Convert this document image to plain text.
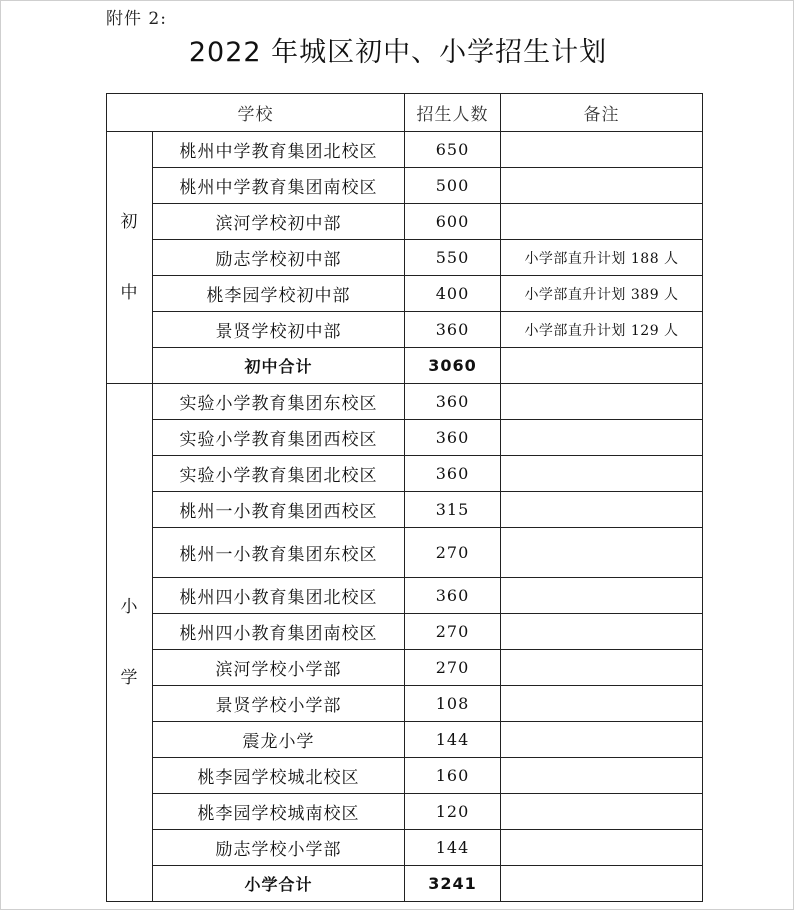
附件 2:
2022 年城区初中、小学招生计划
学校		招生人数	备注

初
中	桃州中学教育集团北校区	650	
	桃州中学教育集团南校区	500	
	滨河学校初中部	600	
	励志学校初中部	550	小学部直升计划 188 人
	桃李园学校初中部	400	小学部直升计划 389 人
	景贤学校初中部	360	小学部直升计划 129 人
	初中合计	3060	

小
学	实验小学教育集团东校区	360	
	实验小学教育集团西校区	360	
	实验小学教育集团北校区	360	
	桃州一小教育集团西校区	315	
	桃州一小教育集团东校区	270	
	桃州四小教育集团北校区	360	
	桃州四小教育集团南校区	270	
	滨河学校小学部	270	
	景贤学校小学部	108	
	震龙小学	144	
	桃李园学校城北校区	160	
	桃李园学校城南校区	120	
	励志学校小学部	144	
	小学合计	3241	
